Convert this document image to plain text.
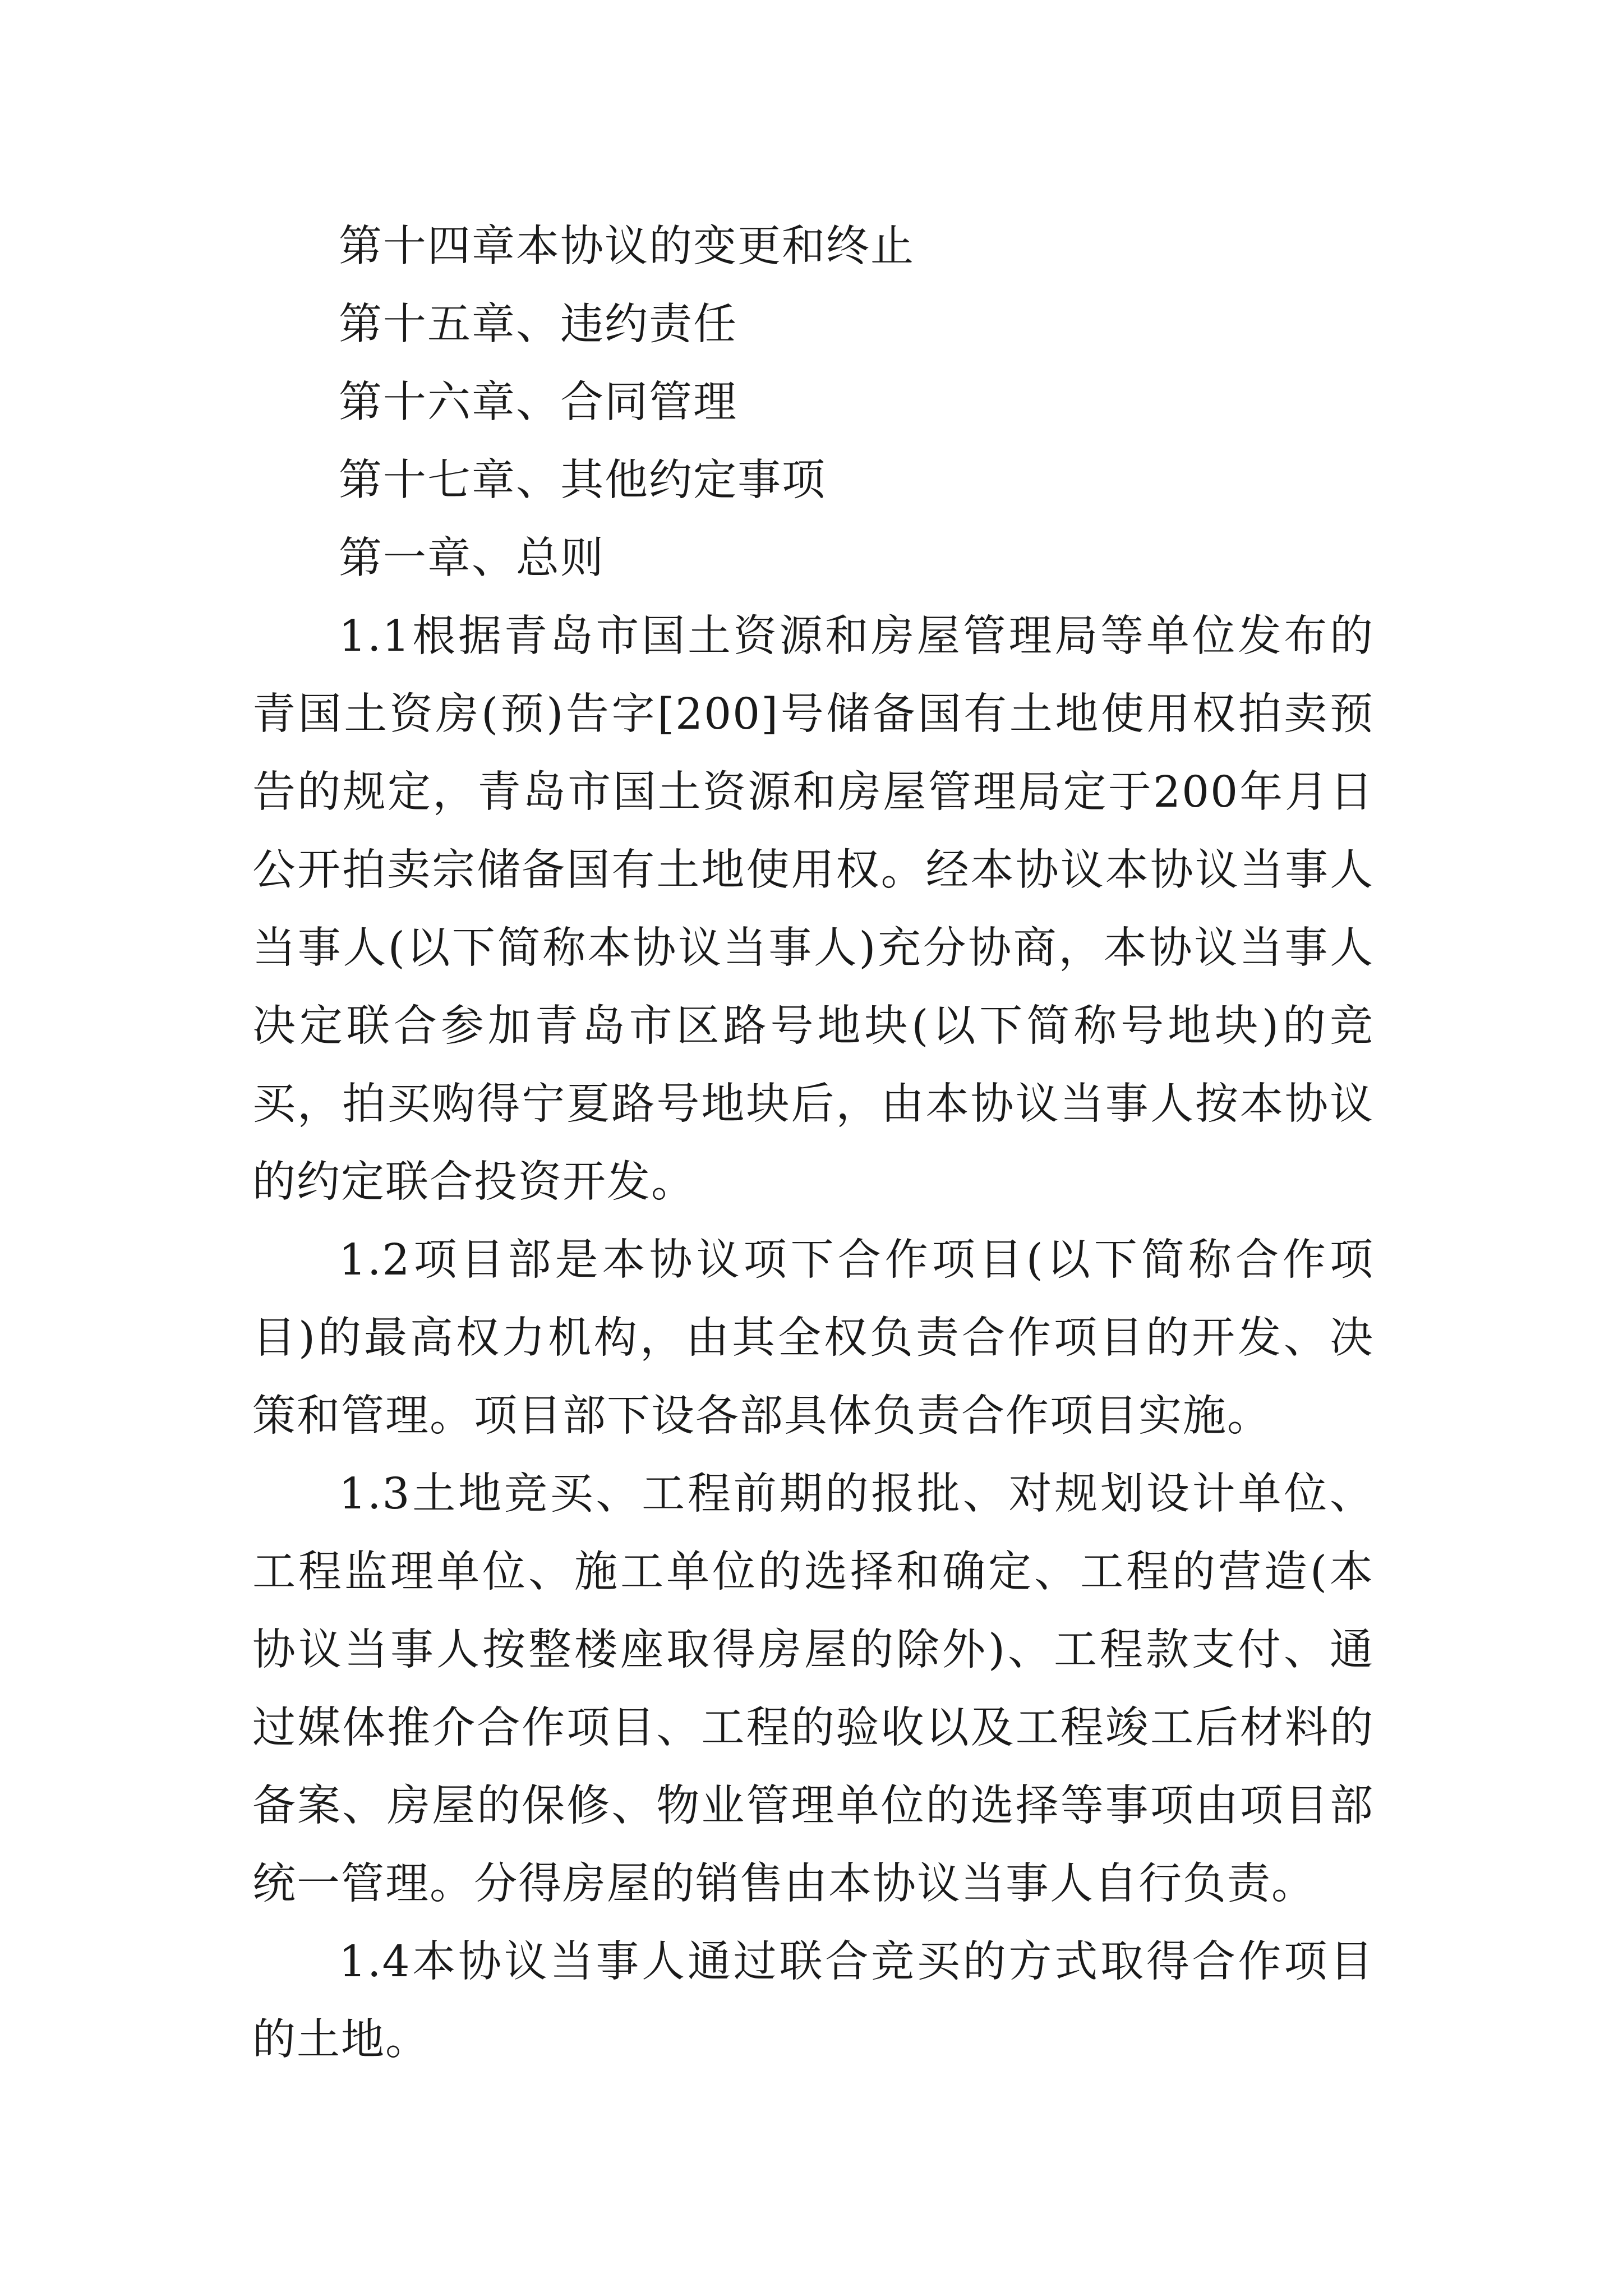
第十四章本协议的变更和终止

第十五章、违约责任

第十六章、合同管理

第十七章、其他约定事项

第一章、总则

1.1根据青岛市国土资源和房屋管理局等单位发布的青国土资房(预)告字[200]号储备国有土地使用权拍卖预告的规定，青岛市国土资源和房屋管理局定于200年月日公开拍卖宗储备国有土地使用权。经本协议本协议当事人当事人(以下简称本协议当事人)充分协商，本协议当事人决定联合参加青岛市区路号地块(以下简称号地块)的竞买，拍买购得宁夏路号地块后，由本协议当事人按本协议的约定联合投资开发。

1.2项目部是本协议项下合作项目(以下简称合作项目)的最高权力机构，由其全权负责合作项目的开发、决策和管理。项目部下设各部具体负责合作项目实施。

1.3土地竞买、工程前期的报批、对规划设计单位、工程监理单位、施工单位的选择和确定、工程的营造(本协议当事人按整楼座取得房屋的除外)、工程款支付、通过媒体推介合作项目、工程的验收以及工程竣工后材料的备案、房屋的保修、物业管理单位的选择等事项由项目部统一管理。分得房屋的销售由本协议当事人自行负责。

1.4本协议当事人通过联合竞买的方式取得合作项目的土地。
